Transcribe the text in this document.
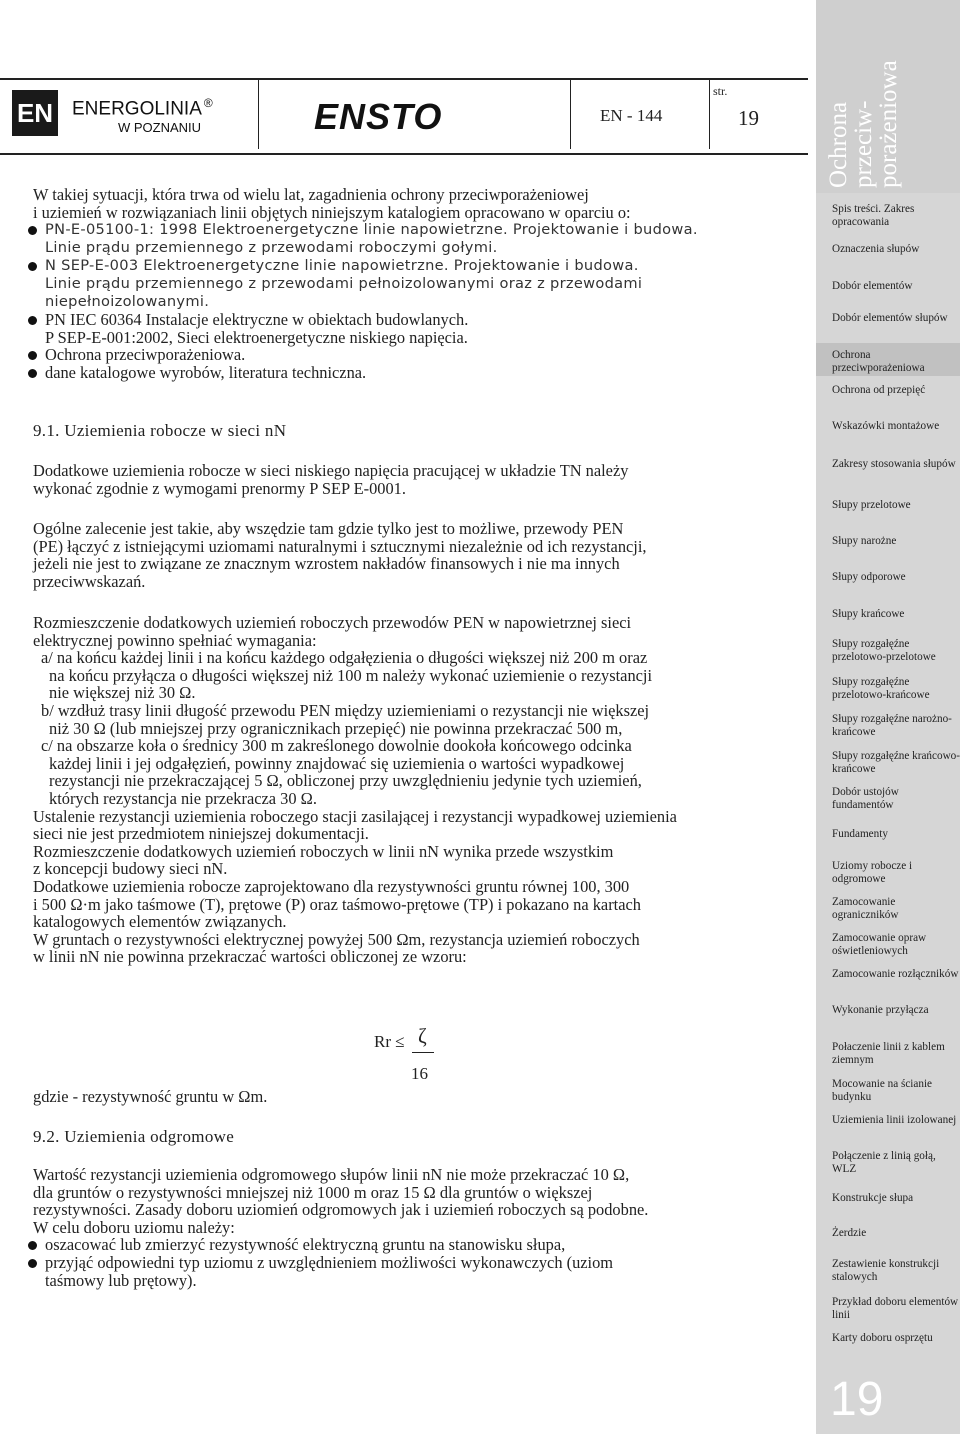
EN ENERGOLINIA ®
W POZNANIU	ENSTO	EN - 144
str.
19

W takiej sytuacji, która trwa od wielu lat, zagadnienia ochrony przeciwporażeniowej

i uziemień w rozwiązaniach linii objętych niniejszym katalogiem opracowano w oparciu o:

PN-E-05100-1: 1998 Elektroenergetyczne linie napowietrzne. Projektowanie i budowa.

Linie prądu przemiennego z przewodami roboczymi gołymi.

N SEP-E-003 Elektroenergetyczne linie napowietrzne. Projektowanie i budowa.

Linie prądu przemiennego z przewodami pełnoizolowanymi oraz z przewodami

niepełnoizolowanymi.

PN IEC 60364 Instalacje elektryczne w obiektach budowlanych.

P SEP-E-001:2002, Sieci elektroenergetyczne niskiego napięcia.

Ochrona przeciwporażeniowa.

dane katalogowe wyrobów, literatura techniczna.

9.1. Uziemienia robocze w sieci nN

Dodatkowe uziemienia robocze w sieci niskiego napięcia pracującej w układzie TN należy

wykonać zgodnie z wymogami prenormy P SEP E-0001.

Ogólne zalecenie jest takie, aby wszędzie tam gdzie tylko jest to możliwe, przewody PEN

(PE) łączyć z istniejącymi uziomami naturalnymi i sztucznymi niezależnie od ich rezystancji,

jeżeli nie jest to związane ze znacznym wzrostem nakładów finansowych i nie ma innych

przeciwwskazań.

Rozmieszczenie dodatkowych uziemień roboczych przewodów PEN w napowietrznej sieci

elektrycznej powinno spełniać wymagania:

a/ na końcu każdej linii i na końcu każdego odgałęzienia o długości większej niż 200 m oraz

na końcu przyłącza o długości większej niż 100 m należy wykonać uziemienie o rezystancji

nie większej niż 30 Ω.

b/ wzdłuż trasy linii długość przewodu PEN między uziemieniami o rezystancji nie większej

niż 30 Ω (lub mniejszej przy ogranicznikach przepięć) nie powinna przekraczać 500 m,

c/ na obszarze koła o średnicy 300 m zakreślonego dowolnie dookoła końcowego odcinka

każdej linii i jej odgałęzień, powinny znajdować się uziemienia o wartości wypadkowej

rezystancji nie przekraczającej 5 Ω, obliczonej przy uwzględnieniu jedynie tych uziemień,

których rezystancja nie przekracza 30 Ω.

Ustalenie rezystancji uziemienia roboczego stacji zasilającej i rezystancji wypadkowej uziemienia

sieci nie jest przedmiotem niniejszej dokumentacji.

Rozmieszczenie dodatkowych uziemień roboczych w linii nN wynika przede wszystkim

z koncepcji budowy sieci nN.

Dodatkowe uziemienia robocze zaprojektowano dla rezystywności gruntu równej 100, 300

i 500 Ω·m jako taśmowe (T), prętowe (P) oraz taśmowo-prętowe (TP) i pokazano na kartach

katalogowych elementów związanych.

W gruntach o rezystywności elektrycznej powyżej 500 Ωm, rezystancja uziemień roboczych

w linii nN nie powinna przekraczać wartości obliczonej ze wzoru:

Rr ≤ ζ
16
gdzie - rezystywność gruntu w Ωm.
9.2. Uziemienia odgromowe

Wartość rezystancji uziemienia odgromowego słupów linii nN nie może przekraczać 10 Ω,

dla gruntów o rezystywności mniejszej niż 1000 m oraz 15 Ω dla gruntów o większej

rezystywności. Zasady doboru uziomień odgromowych jak i uziemień roboczych są podobne.

W celu doboru uziomu należy:

oszacować lub zmierzyć rezystywność elektryczną gruntu na stanowisku słupa,

przyjąć odpowiedni typ uziomu z uwzględnieniem możliwości wykonawczych (uziom

taśmowy lub prętowy).

Ochrona
przeciw-
porażeniowa
Spis treści. Zakres opracowania
Oznaczenia słupów
Dobór elementów
Dobór elementów słupów
Ochrona przeciwporażeniowa
Ochrona od przepięć
Wskazówki montażowe
Zakresy stosowania słupów
Słupy przelotowe
Słupy narożne
Słupy odporowe
Słupy krańcowe
Słupy rozgałęźne przelotowo-przelotowe
Słupy rozgałęźne przelotowo-krańcowe
Słupy rozgałęźne narożno-krańcowe
Słupy rozgałęźne krańcowo-krańcowe
Dobór ustojów fundamentów
Fundamenty
Uziomy robocze i odgromowe
Zamocowanie ograniczników
Zamocowanie opraw oświetleniowych
Zamocowanie rozłączników
Wykonanie przyłącza
Połaczenie linii z kablem ziemnym
Mocowanie na ścianie budynku
Uziemienia linii izolowanej
Połączenie z linią gołą, WLZ
Konstrukcje słupa
Żerdzie
Zestawienie konstrukcji stalowych
Przykład doboru elementów linii
Karty doboru osprzętu
19
